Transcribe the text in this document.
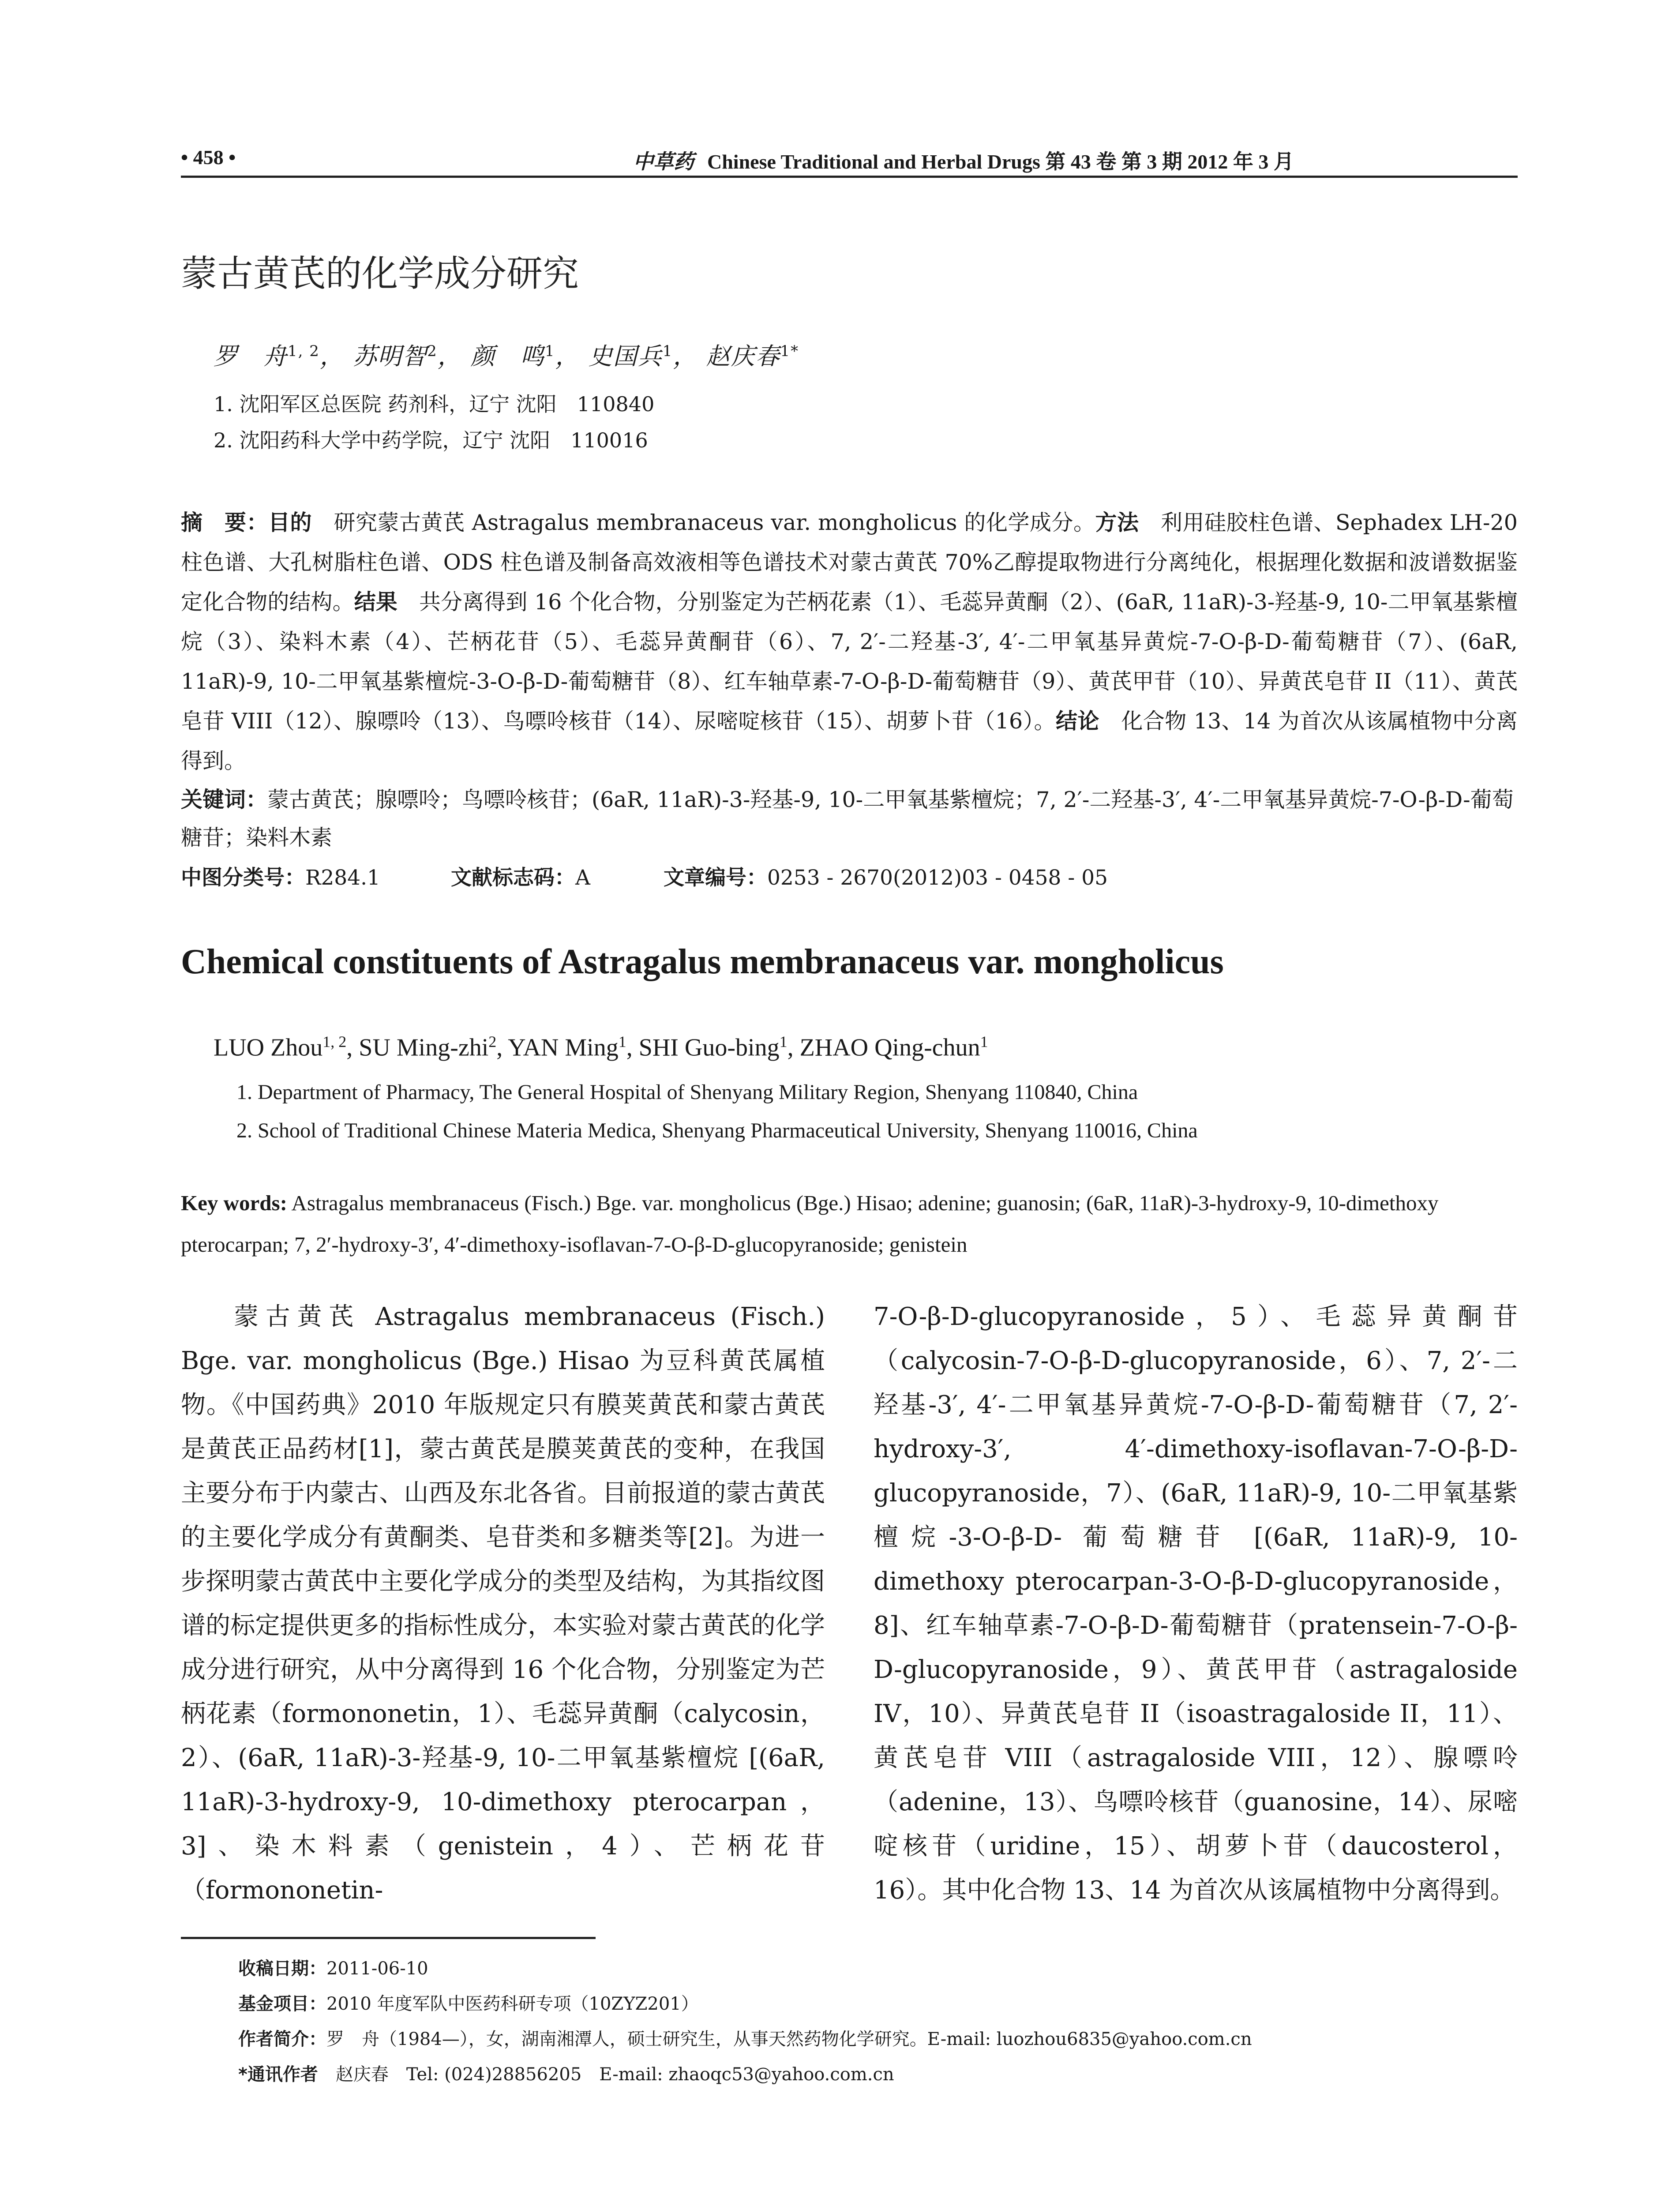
• 458 •	中草药 Chinese Traditional and Herbal Drugs 第 43 卷 第 3 期 2012 年 3 月
蒙古黄芪的化学成分研究
罗　舟$^{1, 2}$， 苏明智$^2$， 颜　鸣$^1$， 史国兵$^1$， 赵庆春$^{1*}$
1. 沈阳军区总医院 药剂科，辽宁 沈阳　110840
2. 沈阳药科大学中药学院，辽宁 沈阳　110016
摘　要：目的　研究蒙古黄芪 Astragalus membranaceus var. mongholicus 的化学成分。方法　利用硅胶柱色谱、Sephadex LH-20 柱色谱、大孔树脂柱色谱、ODS 柱色谱及制备高效液相等色谱技术对蒙古黄芪 70%乙醇提取物进行分离纯化，根据理化数据和波谱数据鉴定化合物的结构。结果　共分离得到 16 个化合物，分别鉴定为芒柄花素（1）、毛蕊异黄酮（2）、(6aR, 11aR)-3-羟基-9, 10-二甲氧基紫檀烷（3）、染料木素（4）、芒柄花苷（5）、毛蕊异黄酮苷（6）、7, 2′-二羟基-3′, 4′-二甲氧基异黄烷-7-O-β-D-葡萄糖苷（7）、(6aR, 11aR)-9, 10-二甲氧基紫檀烷-3-O-β-D-葡萄糖苷（8）、红车轴草素-7-O-β-D-葡萄糖苷（9）、黄芪甲苷（10）、异黄芪皂苷 II（11）、黄芪皂苷 VIII（12）、腺嘌呤（13）、鸟嘌呤核苷（14）、尿嘧啶核苷（15）、胡萝卜苷（16）。结论　化合物 13、14 为首次从该属植物中分离得到。
关键词：蒙古黄芪；腺嘌呤；鸟嘌呤核苷；(6aR, 11aR)-3-羟基-9, 10-二甲氧基紫檀烷；7, 2′-二羟基-3′, 4′-二甲氧基异黄烷-7-O-β-D-葡萄糖苷；染料木素
中图分类号：R284.1	文献标志码：A	文章编号：0253 - 2670(2012)03 - 0458 - 05
Chemical constituents of Astragalus membranaceus var. mongholicus
LUO Zhou$^{1, 2}$, SU Ming-zhi$^2$, YAN Ming$^1$, SHI Guo-bing$^1$, ZHAO Qing-chun$^1$
1. Department of Pharmacy, The General Hospital of Shenyang Military Region, Shenyang 110840, China
2. School of Traditional Chinese Materia Medica, Shenyang Pharmaceutical University, Shenyang 110016, China
Key words: Astragalus membranaceus (Fisch.) Bge. var. mongholicus (Bge.) Hisao; adenine; guanosin; (6aR, 11aR)-3-hydroxy-9, 10-dimethoxy pterocarpan; 7, 2′-hydroxy-3′, 4′-dimethoxy-isoflavan-7-O-β-D-glucopyranoside; genistein
蒙古黄芪 Astragalus membranaceus (Fisch.) Bge. var. mongholicus (Bge.) Hisao 为豆科黄芪属植物。《中国药典》2010 年版规定只有膜荚黄芪和蒙古黄芪是黄芪正品药材[1]，蒙古黄芪是膜荚黄芪的变种，在我国主要分布于内蒙古、山西及东北各省。目前报道的蒙古黄芪的主要化学成分有黄酮类、皂苷类和多糖类等[2]。为进一步探明蒙古黄芪中主要化学成分的类型及结构，为其指纹图谱的标定提供更多的指标性成分，本实验对蒙古黄芪的化学成分进行研究，从中分离得到 16 个化合物，分别鉴定为芒柄花素（formononetin，1）、毛蕊异黄酮（calycosin，2）、(6aR, 11aR)-3-羟基-9, 10-二甲氧基紫檀烷 [(6aR, 11aR)-3-hydroxy-9, 10-dimethoxy pterocarpan，3]、染木料素（genistein，4）、芒柄花苷（formononetin-
7-O-β-D-glucopyranoside，5）、毛蕊异黄酮苷（calycosin-7-O-β-D-glucopyranoside，6）、7, 2′-二羟基-3′, 4′-二甲氧基异黄烷-7-O-β-D-葡萄糖苷（7, 2′-hydroxy-3′, 4′-dimethoxy-isoflavan-7-O-β-D-glucopyranoside，7）、(6aR, 11aR)-9, 10-二甲氧基紫檀烷-3-O-β-D- 葡萄糖苷 [(6aR, 11aR)-9, 10-dimethoxy pterocarpan-3-O-β-D-glucopyranoside，8]、红车轴草素-7-O-β-D-葡萄糖苷（pratensein-7-O-β-D-glucopyranoside，9）、黄芪甲苷（astragaloside IV，10）、异黄芪皂苷 II（isoastragaloside II，11）、黄芪皂苷 VIII（astragaloside VIII，12）、腺嘌呤（adenine，13）、鸟嘌呤核苷（guanosine，14）、尿嘧啶核苷（uridine，15）、胡萝卜苷（daucosterol，16）。其中化合物 13、14 为首次从该属植物中分离得到。
收稿日期：2011-06-10
基金项目：2010 年度军队中医药科研专项（10ZYZ201）
作者简介：罗　舟（1984—），女，湖南湘潭人，硕士研究生，从事天然药物化学研究。E-mail: luozhou6835@yahoo.com.cn
*通讯作者　赵庆春　Tel: (024)28856205　E-mail: zhaoqc53@yahoo.com.cn
